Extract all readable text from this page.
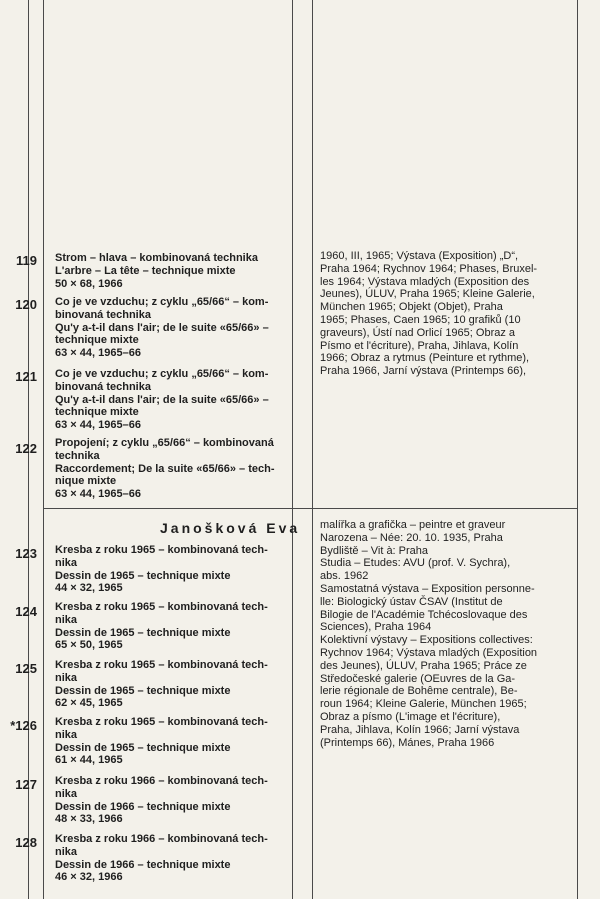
119 Strom – hlava – kombinovaná technika
L'arbre – La tête – technique mixte
50 × 68, 1966
120 Co je ve vzduchu; z cyklu „65/66“ – kom-
binovaná technika
Qu'y a-t-il dans l'air; de le suite «65/66» –
technique mixte
63 × 44, 1965–66
121 Co je ve vzduchu; z cyklu „65/66“ – kom-
binovaná technika
Qu'y a-t-il dans l'air; de la suite «65/66» –
technique mixte
63 × 44, 1965–66
122 Propojení; z cyklu „65/66“ – kombinovaná
technika
Raccordement; De la suite «65/66» – tech-
nique mixte
63 × 44, 1965–66
Janošková Eva
123 Kresba z roku 1965 – kombinovaná tech-
nika
Dessin de 1965 – technique mixte
44 × 32, 1965
124 Kresba z roku 1965 – kombinovaná tech-
nika
Dessin de 1965 – technique mixte
65 × 50, 1965
125 Kresba z roku 1965 – kombinovaná tech-
nika
Dessin de 1965 – technique mixte
62 × 45, 1965
*126 Kresba z roku 1965 – kombinovaná tech-
nika
Dessin de 1965 – technique mixte
61 × 44, 1965
127 Kresba z roku 1966 – kombinovaná tech-
nika
Dessin de 1966 – technique mixte
48 × 33, 1966
128 Kresba z roku 1966 – kombinovaná tech-
nika
Dessin de 1966 – technique mixte
46 × 32, 1966
1960, III, 1965; Výstava (Exposition) „D“,
Praha 1964; Rychnov 1964; Phases, Bruxel-
les 1964; Výstava mladých (Exposition des
Jeunes), ÚLUV, Praha 1965; Kleine Galerie,
München 1965; Objekt (Objet), Praha
1965; Phases, Caen 1965; 10 grafiků (10
graveurs), Ústí nad Orlicí 1965; Obraz a
Písmo et l'écriture), Praha, Jihlava, Kolín
1966; Obraz a rytmus (Peinture et rythme),
Praha 1966, Jarní výstava (Printemps 66),
malířka a grafička – peintre et graveur
Narozena – Née: 20. 10. 1935, Praha
Bydliště – Vit à: Praha
Studia – Etudes: AVU (prof. V. Sychra),
abs. 1962
Samostatná výstava – Exposition personne-
lle: Biologický ústav ČSAV (Institut de
Bilogie de l'Académie Tchécoslovaque des
Sciences), Praha 1964
Kolektivní výstavy – Expositions collectives:
Rychnov 1964; Výstava mladých (Exposition
des Jeunes), ÚLUV, Praha 1965; Práce ze
Středočeské galerie (OEuvres de la Ga-
lerie régionale de Bohême centrale), Be-
roun 1964; Kleine Galerie, München 1965;
Obraz a písmo (L'image et l'écriture),
Praha, Jihlava, Kolín 1966; Jarní výstava
(Printemps 66), Mánes, Praha 1966
